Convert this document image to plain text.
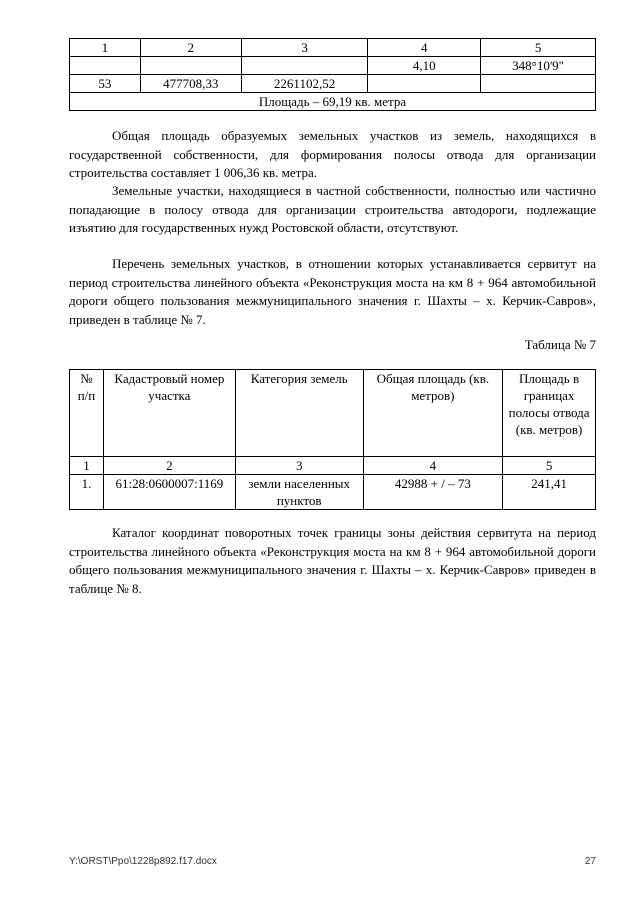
1	2	3	4	5
			4,10	348°10'9"
53	477708,33	2261102,52		
Площадь – 69,19 кв. метра				

Общая площадь образуемых земельных участков из земель, находящихся в государственной собственности, для формирования полосы отвода для организации строительства составляет 1 006,36 кв. метра.

Земельные участки, находящиеся в частной собственности, полностью или частично попадающие в полосу отвода для организации строительства автодороги, подлежащие изъятию для государственных нужд Ростовской области, отсутствуют.

Перечень земельных участков, в отношении которых устанавливается сервитут на период строительства линейного объекта «Реконструкция моста на км 8 + 964 автомобильной дороги общего пользования межмуниципального значения г. Шахты – х. Керчик-Савров», приведен в таблице № 7.

Таблица № 7

№ п/п	Кадастровый номер участка	Категория земель	Общая площадь (кв. метров)	Площадь в границах полосы отвода (кв. метров)
1	2	3	4	5
1.	61:28:0600007:1169	земли населенных пунктов	42988 + / – 73	241,41

Каталог координат поворотных точек границы зоны действия сервитута на период строительства линейного объекта «Реконструкция моста на км 8 + 964 автомобильной дороги общего пользования межмуниципального значения г. Шахты – х. Керчик-Савров» приведен в таблице № 8.

Y:\ORST\Ppo\1228p892.f17.docx	27
